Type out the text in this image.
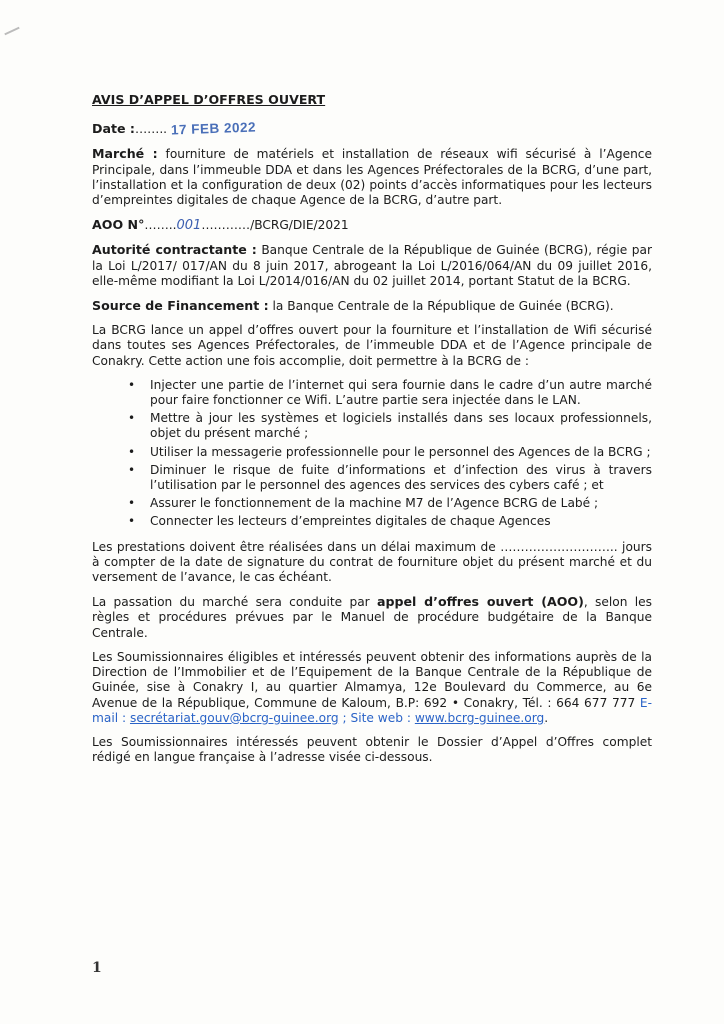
AVIS D’APPEL D’OFFRES OUVERT

Date :…….. 17 FEB 2022

Marché : fourniture de matériels et installation de réseaux wifi sécurisé à l’Agence Principale, dans l’immeuble DDA et dans les Agences Préfectorales de la BCRG, d’une part, l’installation et la configuration de deux (02) points d’accès informatiques pour les lecteurs d’empreintes digitales de chaque Agence de la BCRG, d’autre part.

AOO N°……..001…………/BCRG/DIE/2021

Autorité contractante : Banque Centrale de la République de Guinée (BCRG), régie par la Loi L/2017/ 017/AN du 8 juin 2017, abrogeant la Loi L/2016/064/AN du 09 juillet 2016, elle-même modifiant la Loi L/2014/016/AN du 02 juillet 2014, portant Statut de la BCRG.

Source de Financement : la Banque Centrale de la République de Guinée (BCRG).

La BCRG lance un appel d’offres ouvert pour la fourniture et l’installation de Wifi sécurisé dans toutes ses Agences Préfectorales, de l’immeuble DDA et de l’Agence principale de Conakry. Cette action une fois accomplie, doit permettre à la BCRG de :

• Injecter une partie de l’internet qui sera fournie dans le cadre d’un autre marché pour faire fonctionner ce Wifi. L’autre partie sera injectée dans le LAN.
• Mettre à jour les systèmes et logiciels installés dans ses locaux professionnels, objet du présent marché ;
• Utiliser la messagerie professionnelle pour le personnel des Agences de la BCRG ;
• Diminuer le risque de fuite d’informations et d’infection des virus à travers l’utilisation par le personnel des agences des services des cybers café ; et
• Assurer le fonctionnement de la machine M7 de l’Agence BCRG de Labé ;
• Connecter les lecteurs d’empreintes digitales de chaque Agences

Les prestations doivent être réalisées dans un délai maximum de ……………………….. jours à compter de la date de signature du contrat de fourniture objet du présent marché et du versement de l’avance, le cas échéant.

La passation du marché sera conduite par appel d’offres ouvert (AOO), selon les règles et procédures prévues par le Manuel de procédure budgétaire de la Banque Centrale.

Les Soumissionnaires éligibles et intéressés peuvent obtenir des informations auprès de la Direction de l’Immobilier et de l’Equipement de la Banque Centrale de la République de Guinée, sise à Conakry I, au quartier Almamya, 12e Boulevard du Commerce, au 6e Avenue de la République, Commune de Kaloum, B.P: 692 • Conakry, Tél. : 664 677 777 E-mail : secrétariat.gouv@bcrg-guinee.org ; Site web : www.bcrg-guinee.org.

Les Soumissionnaires intéressés peuvent obtenir le Dossier d’Appel d’Offres complet rédigé en langue française à l’adresse visée ci-dessous.

1
